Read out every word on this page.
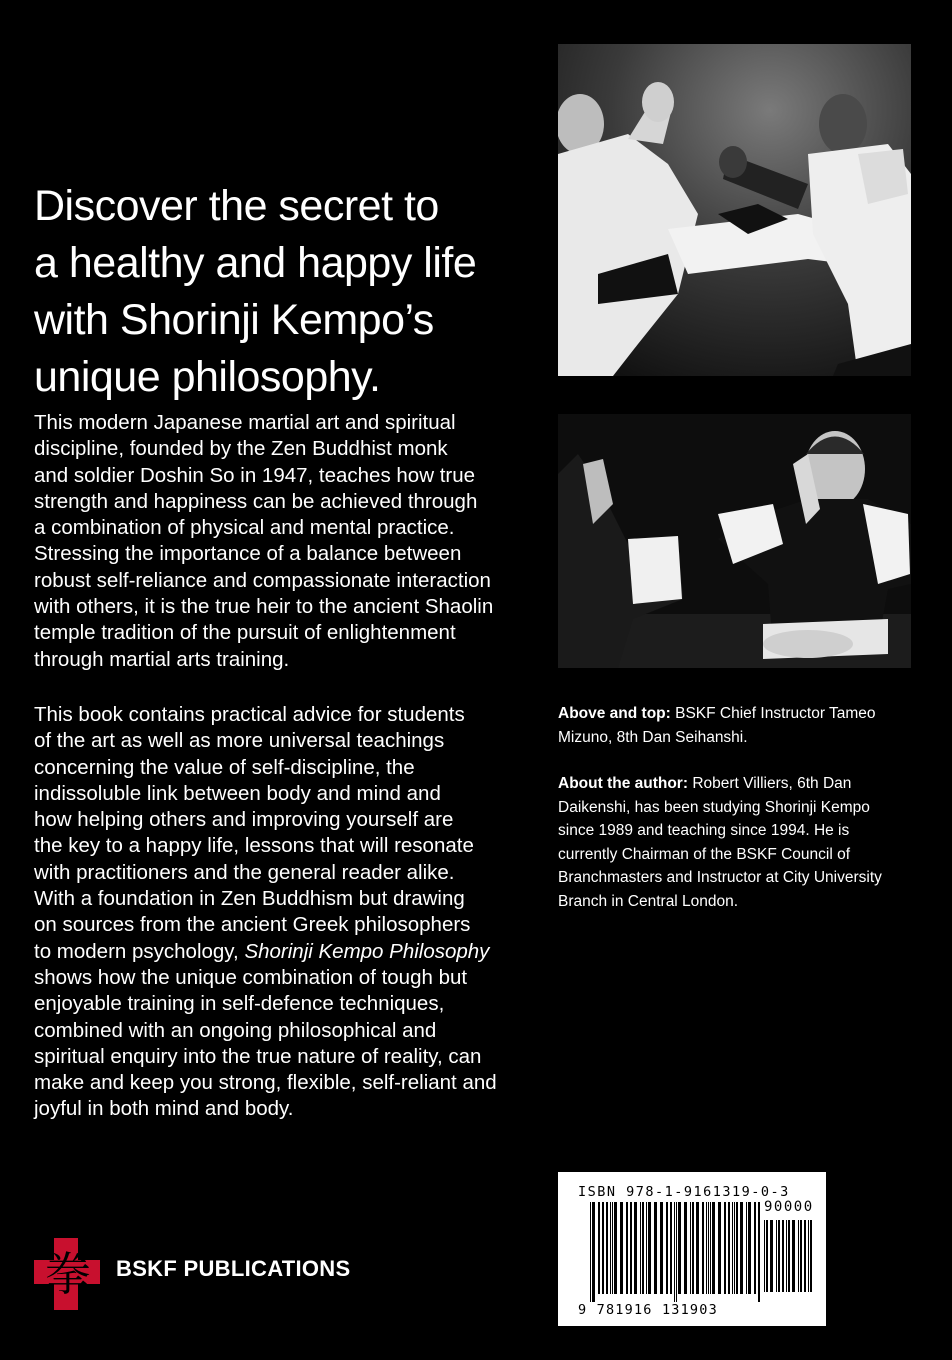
Discover the secret to
a healthy and happy life
with Shorinji Kempo’s
unique philosophy.
This modern Japanese martial art and spiritual
discipline, founded by the Zen Buddhist monk
and soldier Doshin So in 1947, teaches how true
strength and happiness can be achieved through
a combination of physical and mental practice.
Stressing the importance of a balance between
robust self-reliance and compassionate interaction
with others, it is the true heir to the ancient Shaolin
temple tradition of the pursuit of enlightenment
through martial arts training.
This book contains practical advice for students
of the art as well as more universal teachings
concerning the value of self-discipline, the
indissoluble link between body and mind and
how helping others and improving yourself are
the key to a happy life, lessons that will resonate
with practitioners and the general reader alike.
With a foundation in Zen Buddhism but drawing
on sources from the ancient Greek philosophers
to modern psychology, Shorinji Kempo Philosophy
shows how the unique combination of tough but
enjoyable training in self-defence techniques,
combined with an ongoing philosophical and
spiritual enquiry into the true nature of reality, can
make and keep you strong, flexible, self-reliant and
joyful in both mind and body.
Above and top: BSKF Chief Instructor Tameo
Mizuno, 8th Dan Seihanshi.
About the author: Robert Villiers, 6th Dan
Daikenshi, has been studying Shorinji Kempo
since 1989 and teaching since 1994. He is
currently Chairman of the BSKF Council of
Branchmasters and Instructor at City University
Branch in Central London.
ISBN 978-1-9161319-0-3
90000
9 781916 131903
拳 BSKF PUBLICATIONS
